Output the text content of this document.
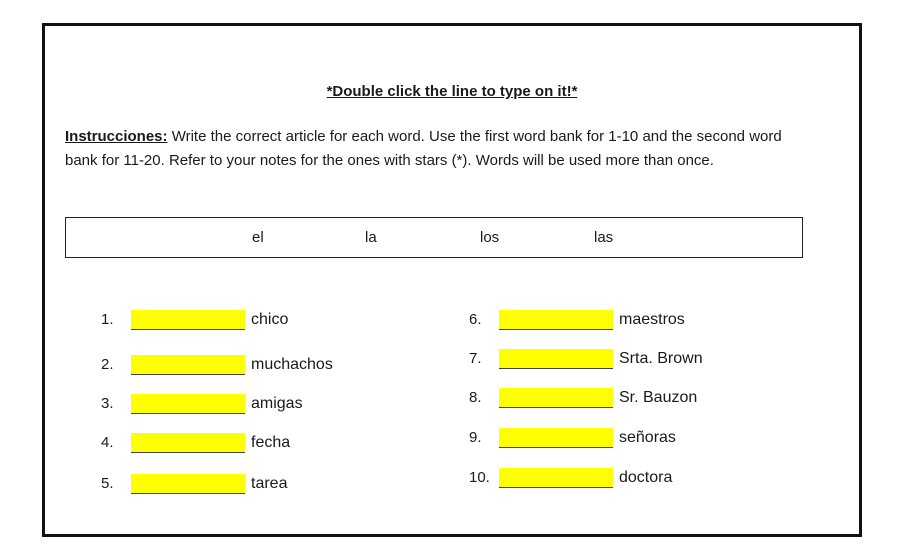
*Double click the line to type on it!*
Instrucciones: Write the correct article for each word. Use the first word bank for 1-10 and the second word bank for 11-20. Refer to your notes for the ones with stars (*). Words will be used more than once.
el	la	los	las
1.	chico
2.	muchachos
3.	amigas
4.	fecha
5.	tarea
6.	maestros
7.	Srta. Brown
8.	Sr. Bauzon
9.	señoras
10.	doctora
